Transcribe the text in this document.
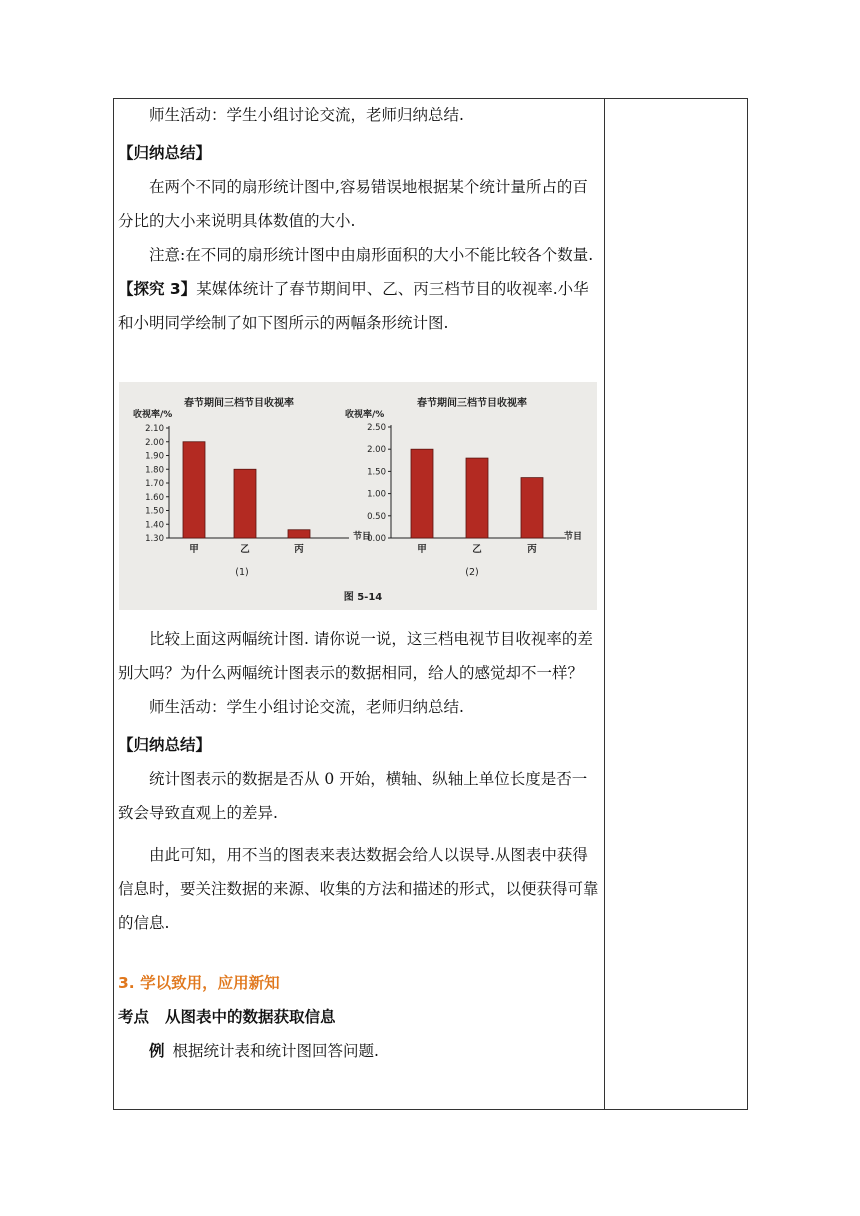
师生活动：学生小组讨论交流，老师归纳总结.

【归纳总结】

在两个不同的扇形统计图中,容易错误地根据某个统计量所占的百分比的大小来说明具体数值的大小.

注意:在不同的扇形统计图中由扇形面积的大小不能比较各个数量.

【探究 3】某媒体统计了春节期间甲、乙、丙三档节目的收视率.小华和小明同学绘制了如下图所示的两幅条形统计图.

春节期间三档节目收视率
收视率/%
1.30
1.40
1.50
1.60
1.70
1.80
1.90
2.00
2.10
甲	乙	丙
节目
(1)
春节期间三档节目收视率
收视率/%
0.00
0.50
1.00
1.50
2.00
2.50
甲	乙	丙
节目
(2)
图 5-14

比较上面这两幅统计图. 请你说一说，这三档电视节目收视率的差别大吗？为什么两幅统计图表示的数据相同，给人的感觉却不一样？

师生活动：学生小组讨论交流，老师归纳总结.

【归纳总结】

统计图表示的数据是否从 0 开始，横轴、纵轴上单位长度是否一致会导致直观上的差异.

由此可知，用不当的图表来表达数据会给人以误导.从图表中获得信息时，要关注数据的来源、收集的方法和描述的形式，以便获得可靠的信息.

3. 学以致用，应用新知

考点 从图表中的数据获取信息

例 根据统计表和统计图回答问题.
